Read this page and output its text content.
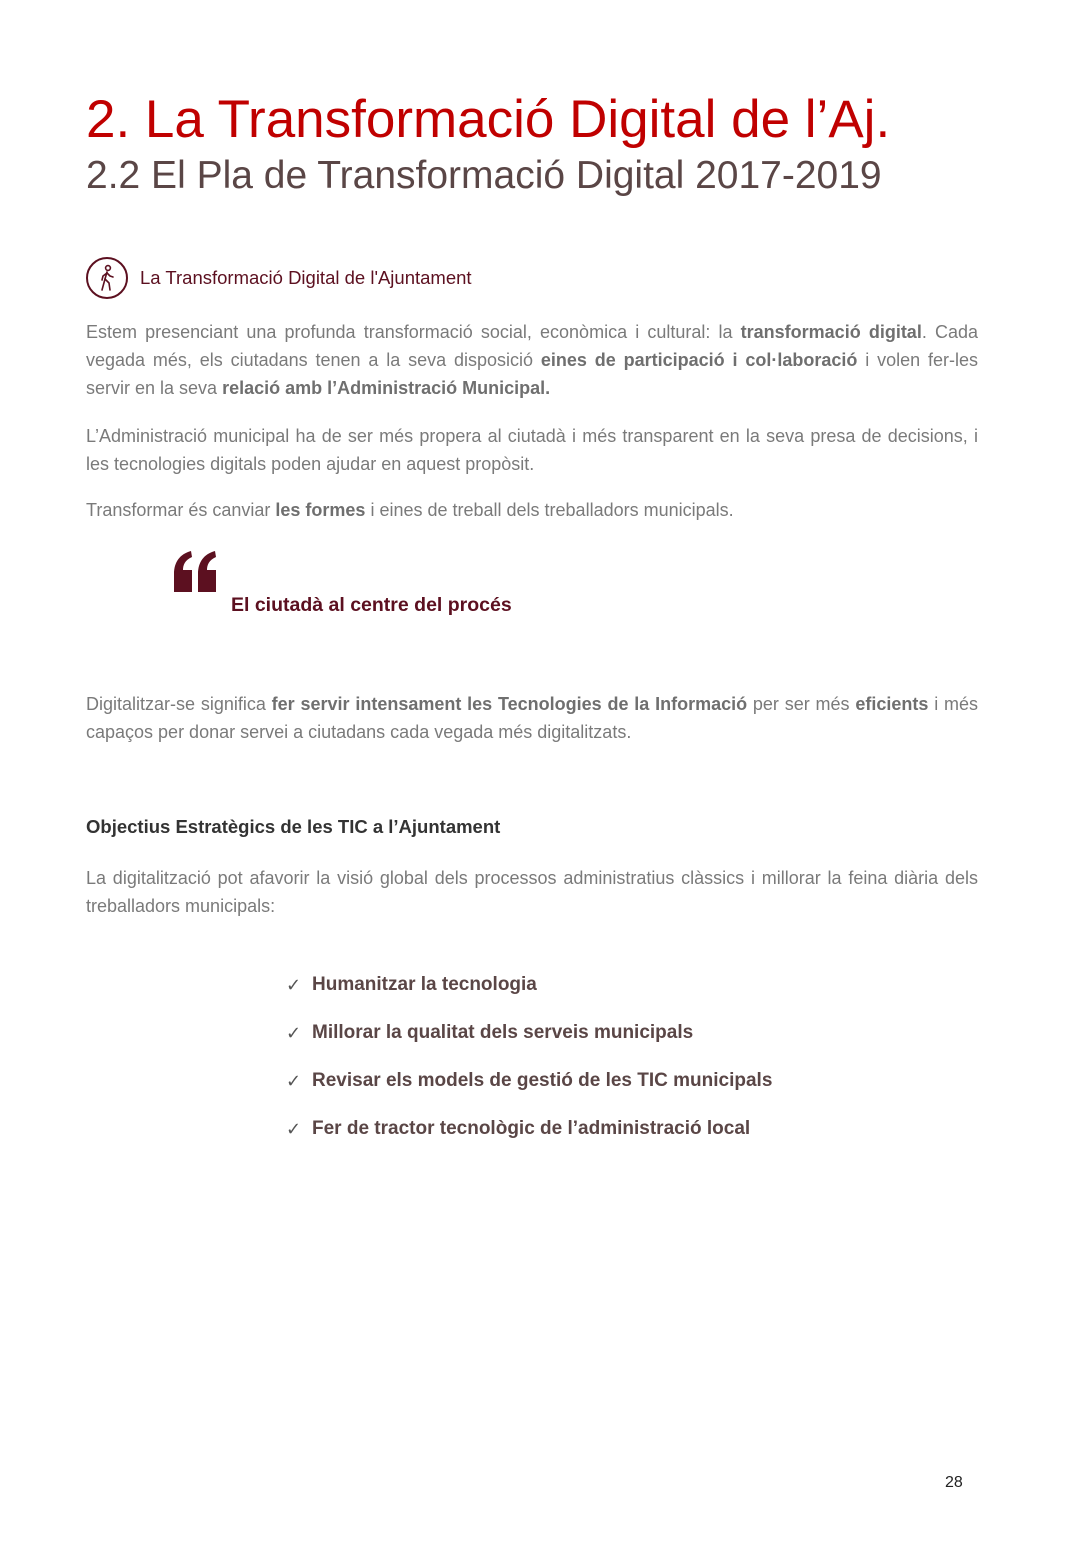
2. La Transformació Digital de l’Aj.
2.2 El Pla de Transformació Digital 2017-2019
La Transformació Digital de l'Ajuntament

Estem presenciant una profunda transformació social, econòmica i cultural: la transformació digital. Cada vegada més, els ciutadans tenen a la seva disposició eines de participació i col·laboració i volen fer-les servir en la seva relació amb l’Administració Municipal.

L’Administració municipal ha de ser més propera al ciutadà i més transparent en la seva presa de decisions, i les tecnologies digitals poden ajudar en aquest propòsit.

Transformar és canviar les formes i eines de treball dels treballadors municipals.

El ciutadà al centre del procés

Digitalitzar-se significa fer servir intensament les Tecnologies de la Informació per ser més eficients i més capaços per donar servei a ciutadans cada vegada més digitalitzats.

Objectius Estratègics de les TIC a l’Ajuntament

La digitalització pot afavorir la visió global dels processos administratius clàssics i millorar la feina diària dels treballadors municipals:

✓ Humanitzar la tecnologia
✓ Millorar la qualitat dels serveis municipals
✓ Revisar els models de gestió de les TIC municipals
✓ Fer de tractor tecnològic de l’administració local
28
